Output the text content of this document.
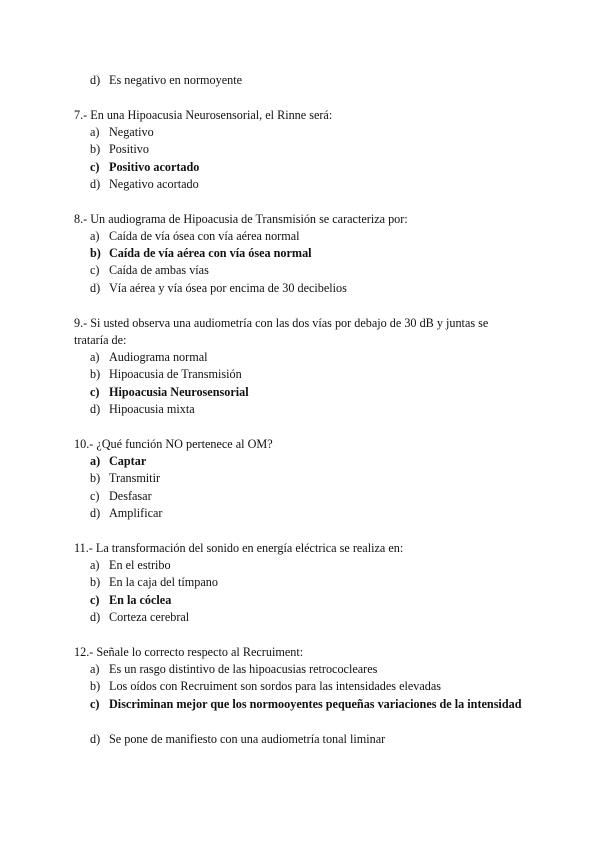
d) Es negativo en normoyente
7.- En una Hipoacusia Neurosensorial, el Rinne será:
a) Negativo
b) Positivo
c) Positivo acortado
d) Negativo acortado
8.- Un audiograma de Hipoacusia de Transmisión se caracteriza por:
a) Caída de vía ósea con vía aérea normal
b) Caída de vía aérea con vía ósea normal
c) Caída de ambas vías
d) Vía aérea y vía ósea por encima de 30 decibelios
9.- Si usted observa una audiometría con las dos vías por debajo de 30 dB y juntas se
trataría de:
a) Audiograma normal
b) Hipoacusia de Transmisión
c) Hipoacusia Neurosensorial
d) Hipoacusia mixta
10.- ¿Qué función NO pertenece al OM?
a) Captar
b) Transmitir
c) Desfasar
d) Amplificar
11.- La transformación del sonido en energía eléctrica se realiza en:
a) En el estribo
b) En la caja del tímpano
c) En la cóclea
d) Corteza cerebral
12.- Señale lo correcto respecto al Recruiment:
a) Es un rasgo distintivo de las hipoacusias retrococleares
b) Los oídos con Recruiment son sordos para las intensidades elevadas
c) Discriminan mejor que los normooyentes pequeñas variaciones de la intensidad
d) Se pone de manifiesto con una audiometría tonal liminar
